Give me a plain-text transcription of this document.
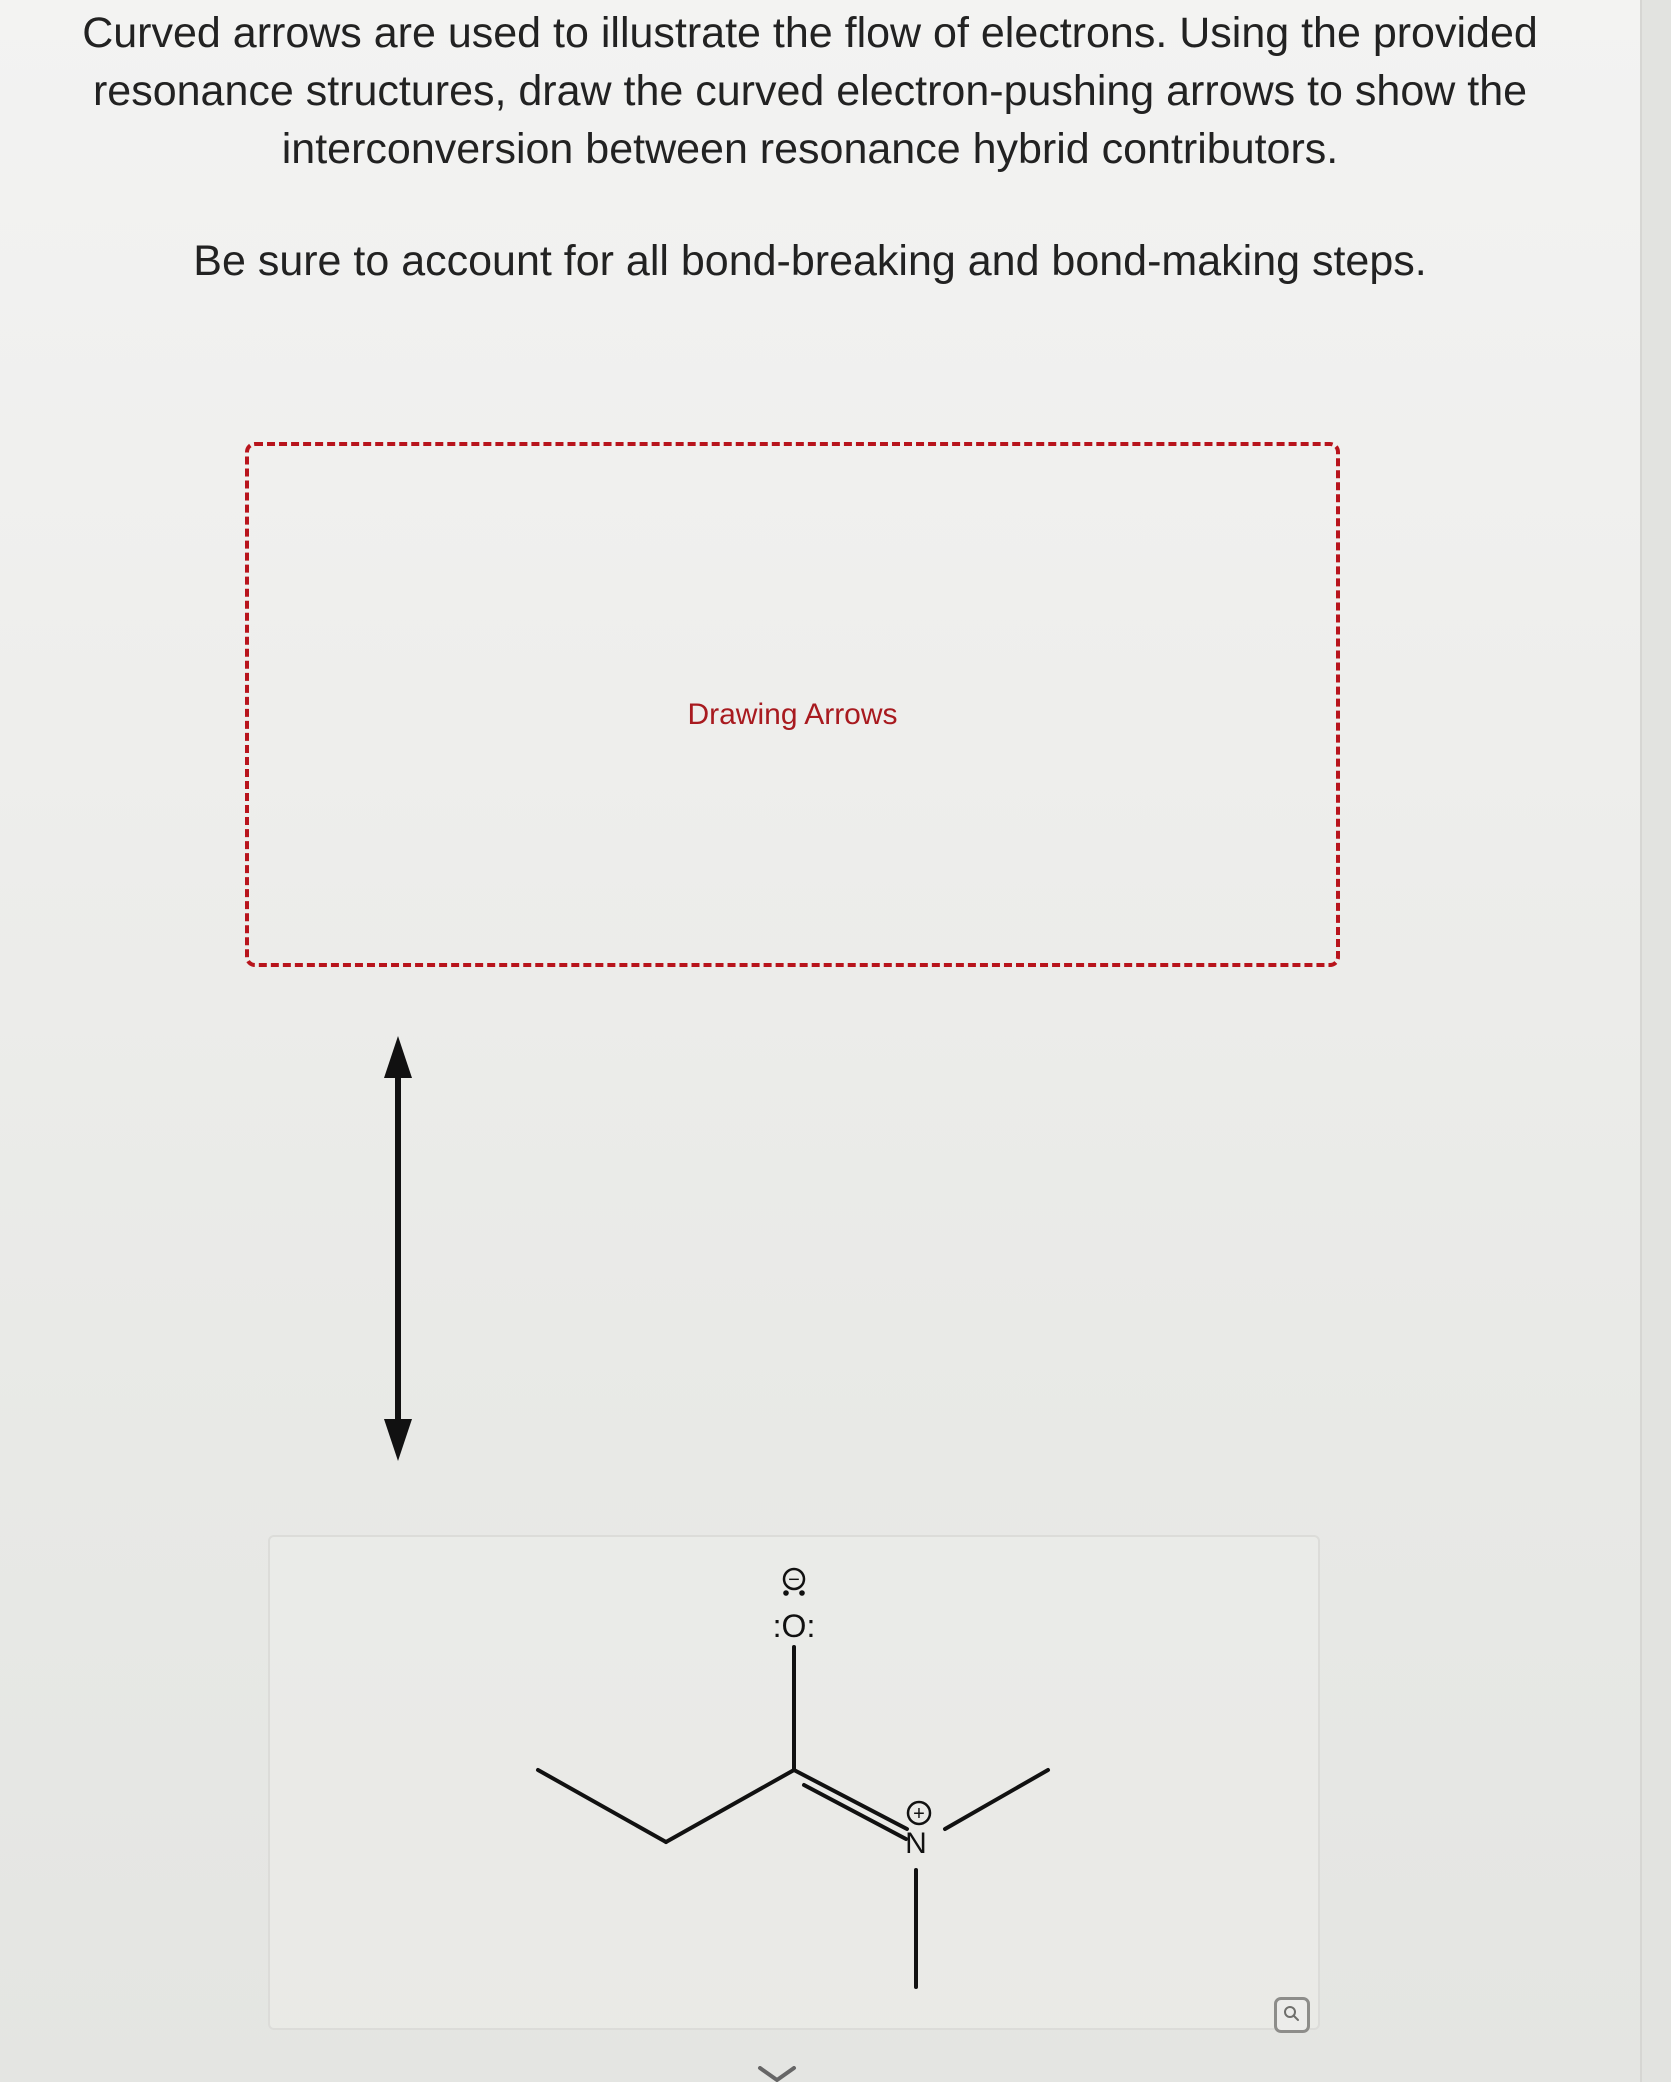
Curved arrows are used to illustrate the flow of electrons. Using the provided
resonance structures, draw the curved electron-pushing arrows to show the
interconversion between resonance hybrid contributors.
Be sure to account for all bond-breaking and bond-making steps.
Drawing Arrows
:O:
−
N
+
